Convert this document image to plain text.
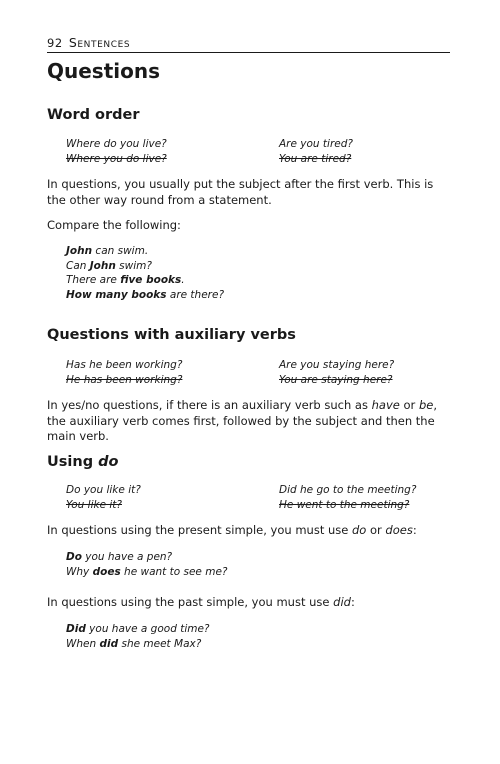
92 Sentences
Questions
Word order
Where do you live?
Where you do live?
Are you tired?
You are tired?

In questions, you usually put the subject after the first verb. This is the other way round from a statement.

Compare the following:

John can swim.
Can John swim?
There are five books.
How many books are there?
Questions with auxiliary verbs
Has he been working?
He has been working?
Are you staying here?
You are staying here?

In yes/no questions, if there is an auxiliary verb such as have or be, the auxiliary verb comes first, followed by the subject and then the main verb.

Using do
Do you like it?
You like it?
Did he go to the meeting?
He went to the meeting?

In questions using the present simple, you must use do or does:

Do you have a pen?
Why does he want to see me?

In questions using the past simple, you must use did:

Did you have a good time?
When did she meet Max?
